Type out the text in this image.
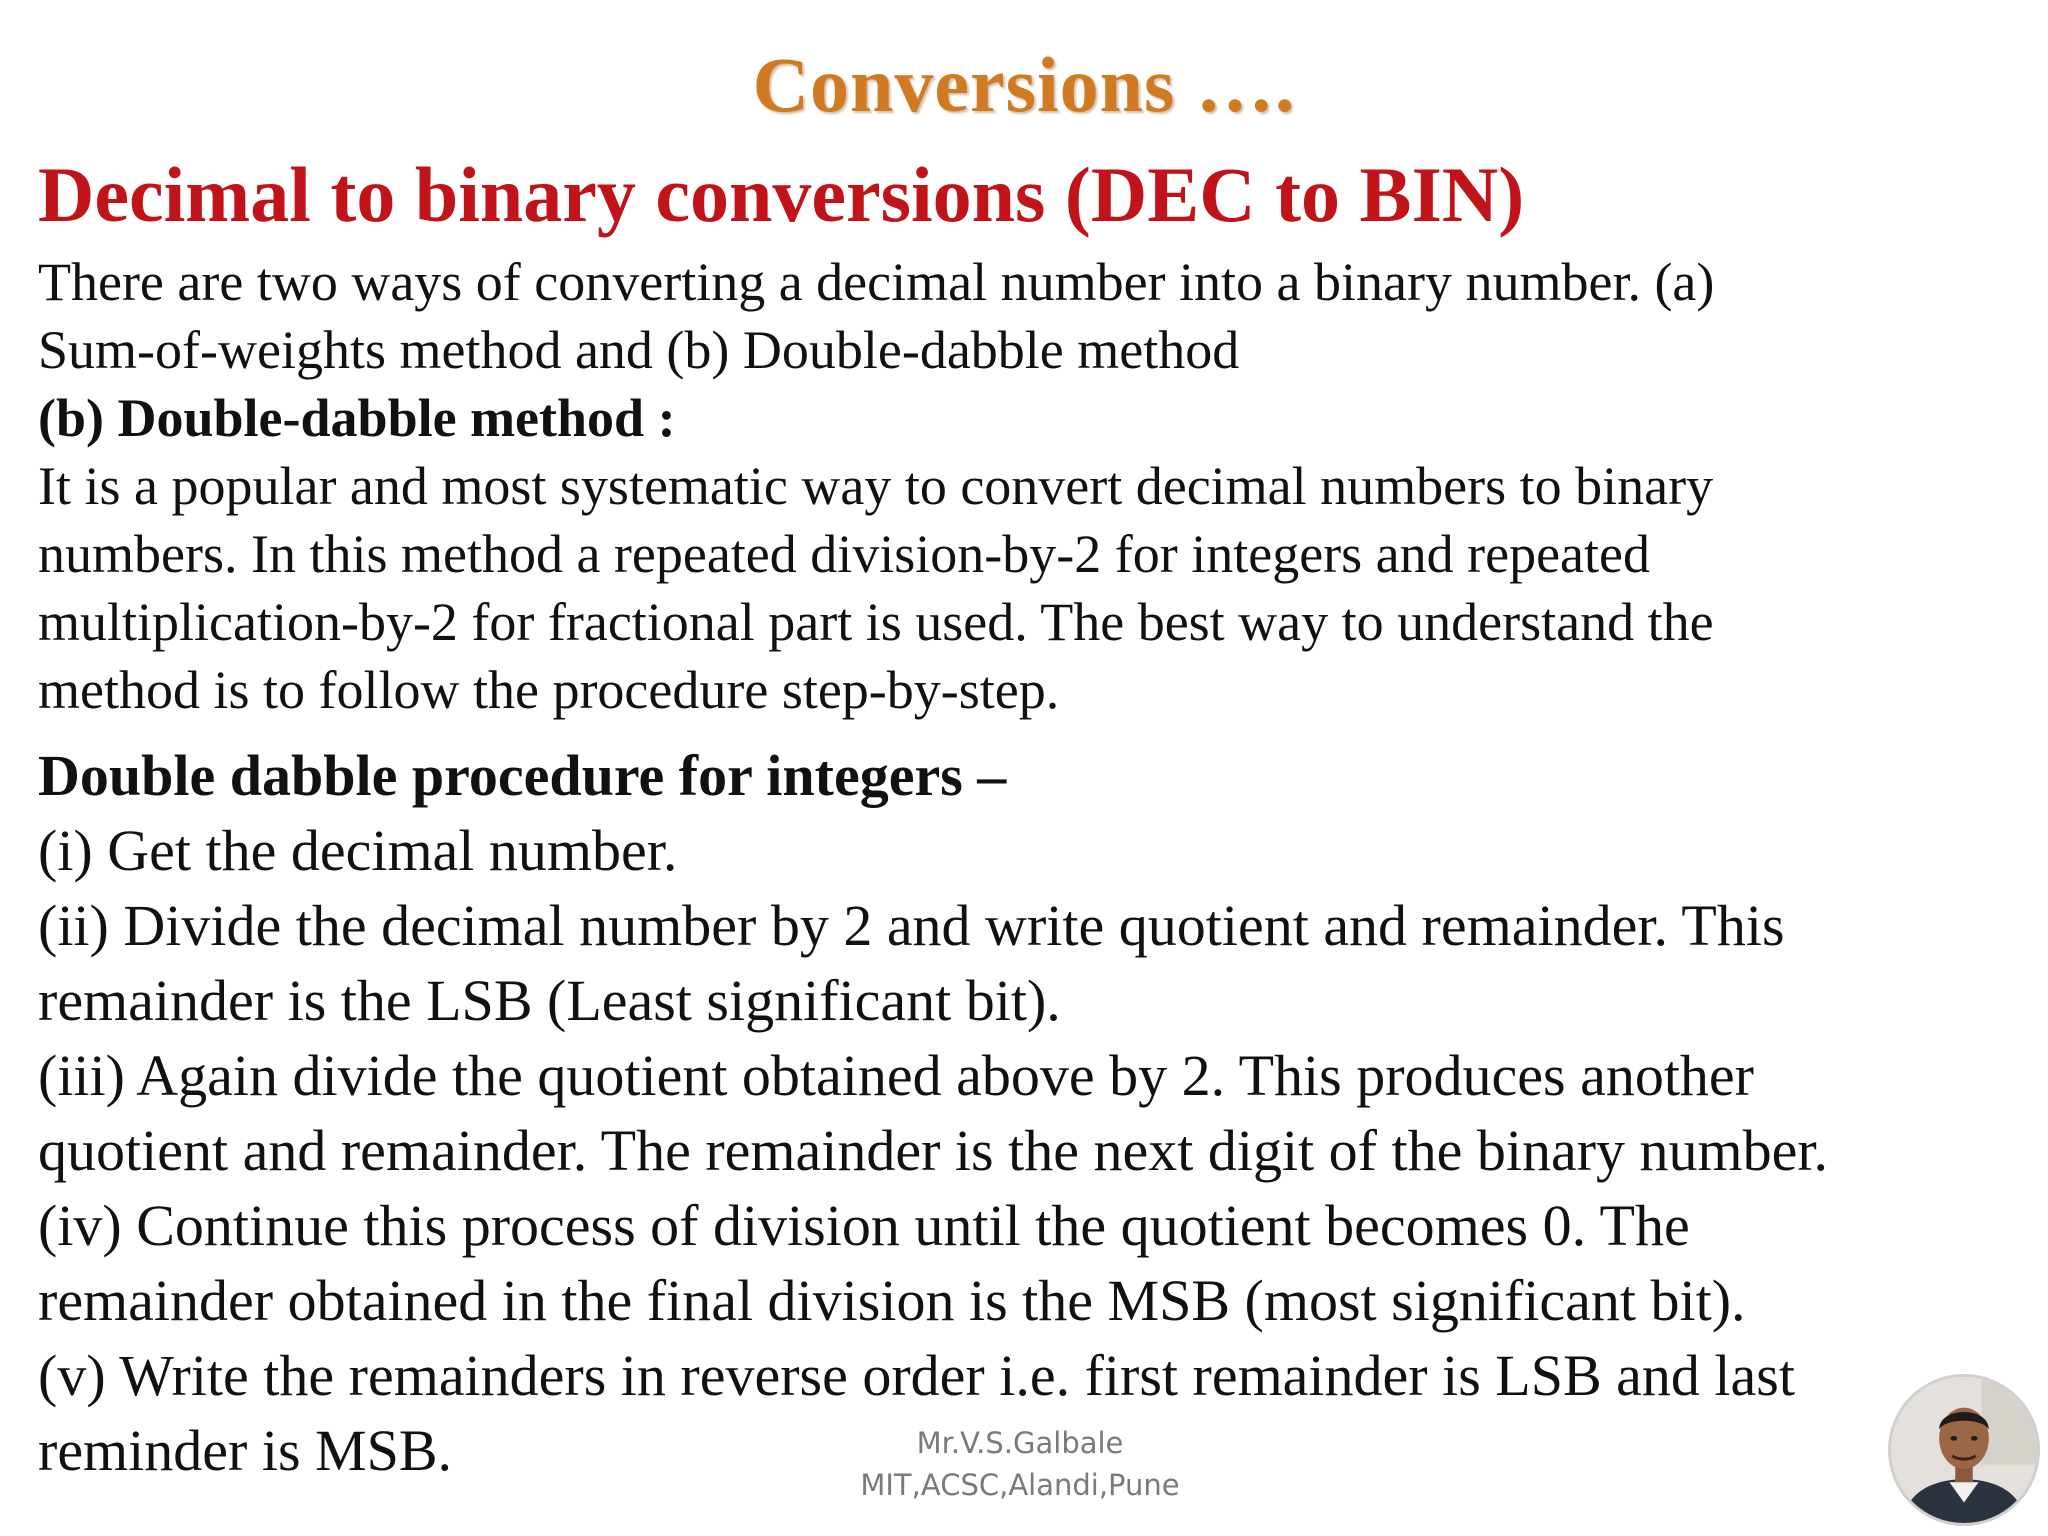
Conversions ….
Decimal to binary conversions (DEC to BIN)

There are two ways of converting a decimal number into a binary number. (a)

Sum-of-weights method and (b) Double-dabble method

(b) Double-dabble method :

It is a popular and most systematic way to convert decimal numbers to binary

numbers. In this method a repeated division-by-2 for integers and repeated

multiplication-by-2 for fractional part is used. The best way to understand the

method is to follow the procedure step-by-step.

Double dabble procedure for integers –

(i) Get the decimal number.

(ii) Divide the decimal number by 2 and write quotient and remainder. This

remainder is the LSB (Least significant bit).

(iii) Again divide the quotient obtained above by 2. This produces another

quotient and remainder. The remainder is the next digit of the binary number.

(iv) Continue this process of division until the quotient becomes 0. The

remainder obtained in the final division is the MSB (most significant bit).

(v) Write the remainders in reverse order i.e. first remainder is LSB and last

reminder is MSB.	Mr.V.S.Galbale
MIT,ACSC,Alandi,Pune
